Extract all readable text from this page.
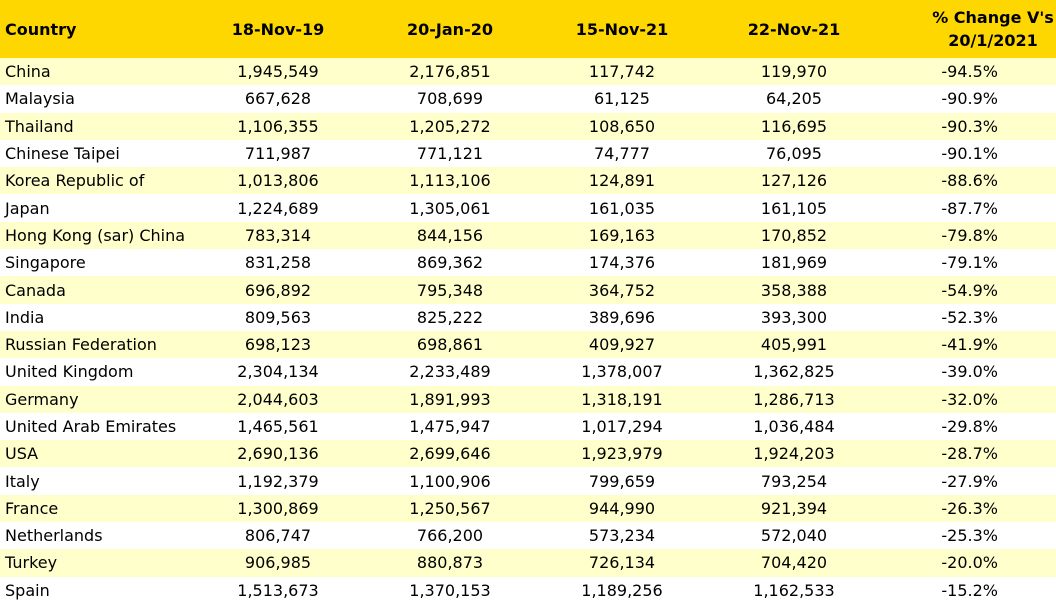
Country	18-Nov-19	20-Jan-20	15-Nov-21	22-Nov-21	% Change V's
20/1/2021

China	1,945,549	2,176,851	117,742	119,970	-94.5%
Malaysia	667,628	708,699	61,125	64,205	-90.9%
Thailand	1,106,355	1,205,272	108,650	116,695	-90.3%
Chinese Taipei	711,987	771,121	74,777	76,095	-90.1%
Korea Republic of	1,013,806	1,113,106	124,891	127,126	-88.6%
Japan	1,224,689	1,305,061	161,035	161,105	-87.7%
Hong Kong (sar) China	783,314	844,156	169,163	170,852	-79.8%
Singapore	831,258	869,362	174,376	181,969	-79.1%
Canada	696,892	795,348	364,752	358,388	-54.9%
India	809,563	825,222	389,696	393,300	-52.3%
Russian Federation	698,123	698,861	409,927	405,991	-41.9%
United Kingdom	2,304,134	2,233,489	1,378,007	1,362,825	-39.0%
Germany	2,044,603	1,891,993	1,318,191	1,286,713	-32.0%
United Arab Emirates	1,465,561	1,475,947	1,017,294	1,036,484	-29.8%
USA	2,690,136	2,699,646	1,923,979	1,924,203	-28.7%
Italy	1,192,379	1,100,906	799,659	793,254	-27.9%
France	1,300,869	1,250,567	944,990	921,394	-26.3%
Netherlands	806,747	766,200	573,234	572,040	-25.3%
Turkey	906,985	880,873	726,134	704,420	-20.0%
Spain	1,513,673	1,370,153	1,189,256	1,162,533	-15.2%
